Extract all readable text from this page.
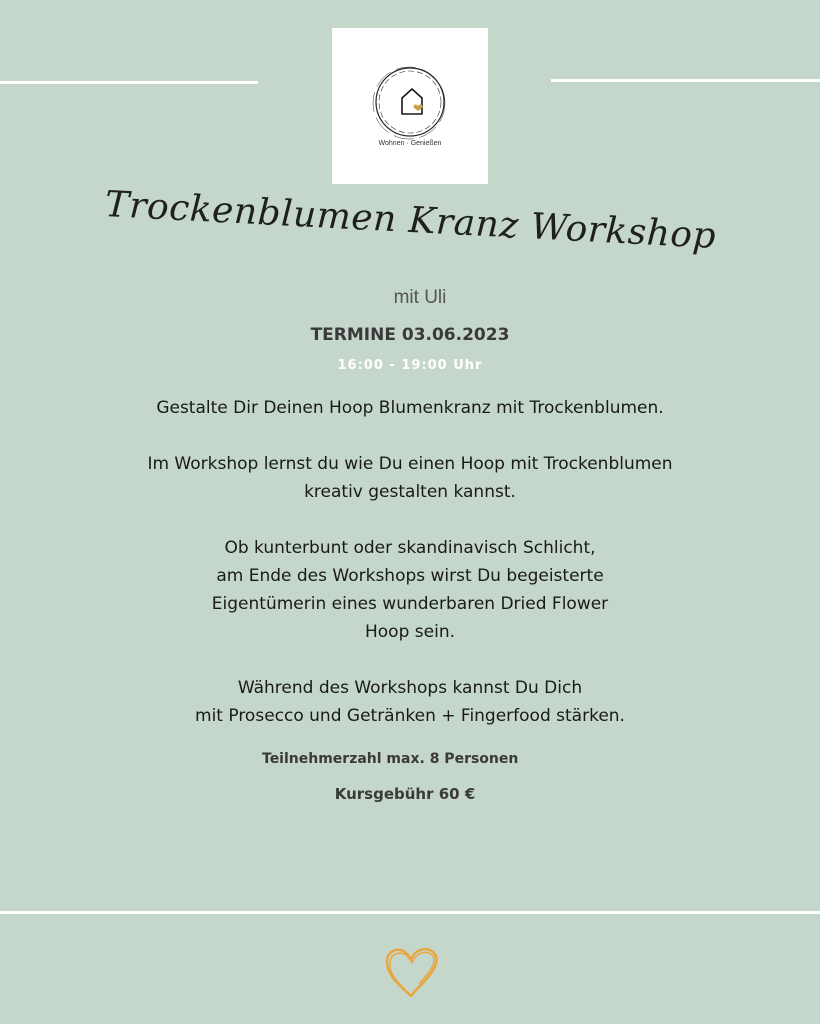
Wohnen · Genießen
Trockenblumen Kranz Workshop
mit Uli
TERMINE 03.06.2023
16:00 - 19:00 Uhr

Gestalte Dir Deinen Hoop Blumenkranz mit Trockenblumen.

Im Workshop lernst du wie Du einen Hoop mit Trockenblumen
kreativ gestalten kannst.

Ob kunterbunt oder skandinavisch Schlicht,
am Ende des Workshops wirst Du begeisterte
Eigentümerin eines wunderbaren Dried Flower
Hoop sein.

Während des Workshops kannst Du Dich
mit Prosecco und Getränken + Fingerfood stärken.

Teilnehmerzahl max. 8 Personen
Kursgebühr 60 €
